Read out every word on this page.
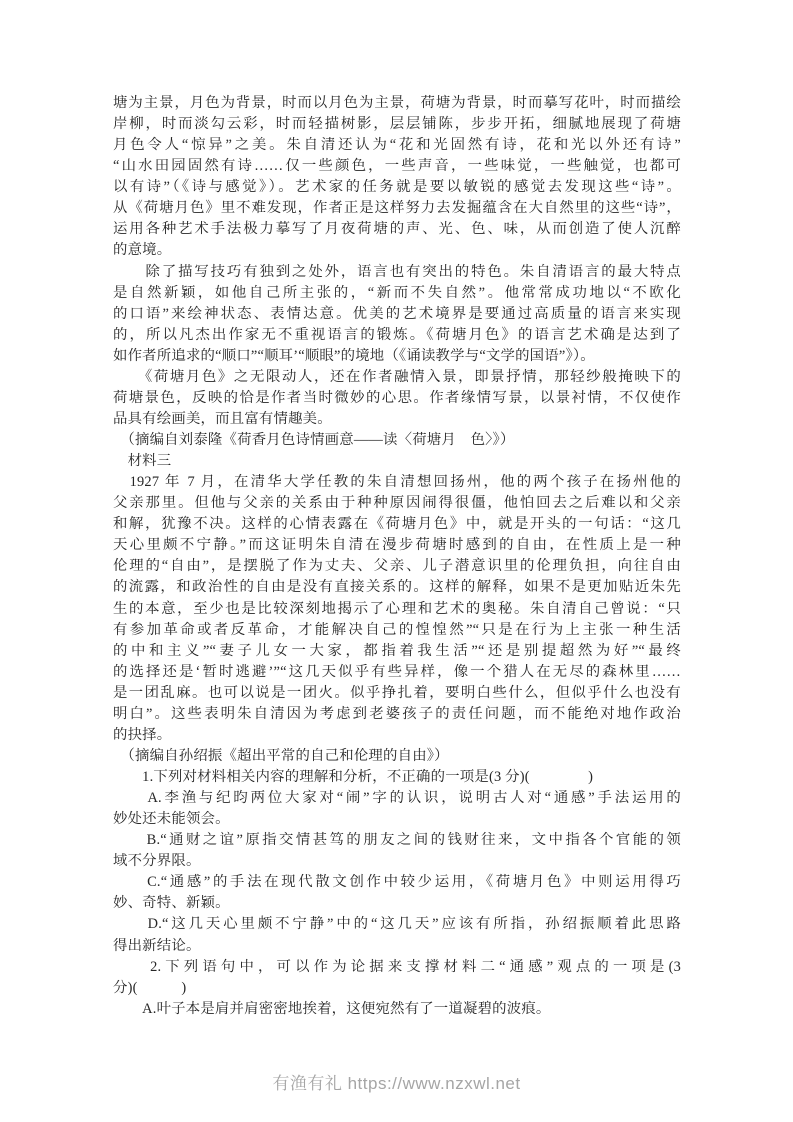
塘为主景，月色为背景，时而以月色为主景，荷塘为背景，时而摹写花叶，时而描绘
岸柳，时而淡勾云彩，时而轻描树影，层层铺陈，步步开拓，细腻地展现了荷塘
月色令人“惊异”之美。朱自清还认为“花和光固然有诗，花和光以外还有诗”
“山水田园固然有诗……仅一些颜色，一些声音，一些味觉，一些触觉，也都可
以有诗”（《诗与感觉》）。艺术家的任务就是要以敏锐的感觉去发现这些“诗”。
从《荷塘月色》里不难发现，作者正是这样努力去发掘蕴含在大自然里的这些“诗”，
运用各种艺术手法极力摹写了月夜荷塘的声、光、色、味，从而创造了使人沉醉
的意境。
　　除了描写技巧有独到之处外，语言也有突出的特色。朱自清语言的最大特点
是自然新颖，如他自己所主张的，“新而不失自然”。他常常成功地以“不欧化
的口语”来绘神状态、表情达意。优美的艺术境界是要通过高质量的语言来实现
的，所以凡杰出作家无不重视语言的锻炼。《荷塘月色》的语言艺术确是达到了
如作者所追求的“顺口”“顺耳’“顺眼”的境地（《诵读教学与“文学的国语”》）。
　　《荷塘月色》之无限动人，还在作者融情入景，即景抒情，那轻纱般掩映下的
荷塘景色，反映的恰是作者当时微妙的心思。作者缘情写景，以景衬情，不仅使作
品具有绘画美，而且富有情趣美。
　（摘编自刘泰隆《荷香月色诗情画意——读〈荷塘月　色〉》）
　材料三
　1927 年 7 月，在清华大学任教的朱自清想回扬州，他的两个孩子在扬州他的
父亲那里。但他与父亲的关系由于种种原因闹得很僵，他怕回去之后难以和父亲
和解，犹豫不决。这样的心情表露在《荷塘月色》中，就是开头的一句话：“这几
天心里颇不宁静。”而这证明朱自清在漫步荷塘时感到的自由，在性质上是一种
伦理的“自由”，是摆脱了作为丈夫、父亲、儿子潜意识里的伦理负担，向往自由
的流露，和政治性的自由是没有直接关系的。这样的解释，如果不是更加贴近朱先
生的本意，至少也是比较深刻地揭示了心理和艺术的奥秘。朱自清自己曾说：“只
有参加革命或者反革命，才能解决自己的惶惶然”“只是在行为上主张一种生活
的中和主义”“妻子儿女一大家，都指着我生活”“还是别提超然为好”“最终
的选择还是‘暂时逃避’”“这几天似乎有些异样，像一个猎人在无尽的森林里……
是一团乱麻。也可以说是一团火。似乎挣扎着，要明白些什么，但似乎什么也没有
明白”。这些表明朱自清因为考虑到老婆孩子的责任问题，而不能绝对地作政治
的抉择。
　（摘编自孙绍振《超出平常的自己和伦理的自由》）
　　1.下列对材料相关内容的理解和分析，不正确的一项是(3 分)(　　　　)
　　A.李渔与纪昀两位大家对“闹”字的认识，说明古人对“通感”手法运用的
妙处还未能领会。
　　B.“通财之谊”原指交情甚笃的朋友之间的钱财往来，文中指各个官能的领
域不分界限。
　　C.“通感”的手法在现代散文创作中较少运用，《荷塘月色》中则运用得巧
妙、奇特、新颖。
　　D.“这几天心里颇不宁静”中的“这几天”应该有所指，孙绍振顺着此思路
得出新结论。
　　2.下列语句中，可以作为论据来支撑材料二“通感”观点的一项是(3
分)(　　　)
　　A.叶子本是肩并肩密密地挨着，这便宛然有了一道凝碧的波痕。
有渔有礼 https://www.nzxwl.net
